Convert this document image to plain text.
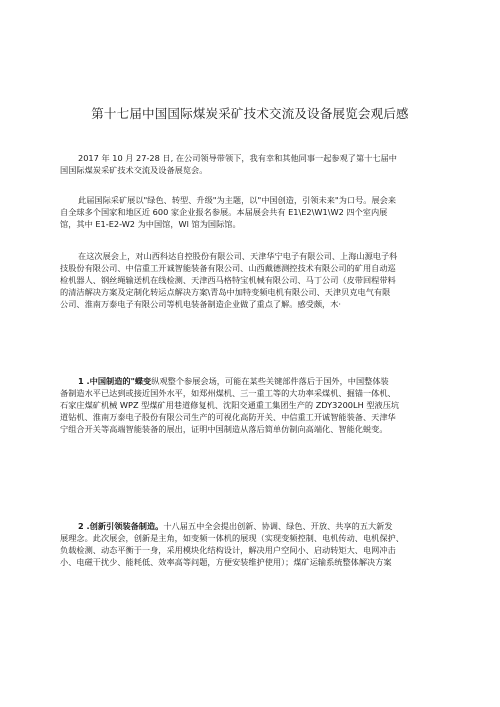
第十七届中国国际煤炭采矿技术交流及设备展览会观后感
2017 年 10 月 27-28 日, 在公司领导带领下，我有幸和其他同事一起参观了第十七届中
国国际煤炭采矿技术交流及设备展览会。
此届国际采矿展以"绿色、转型、升级"为主题，以"中国创造，引领未来"为口号。展会来
自全球多个国家和地区近 600 家企业报名参展。本届展会共有 E1\E2\W1\W2 四个室内展
馆，其中 E1-E2-W2 为中国馆，Wl 馆为国际馆。
在这次展会上，对山西科达自控股份有限公司、天津华宁电子有限公司、上海山源电子科
技股份有限公司、中信重工开诚智能装备有限公司、山西戴德测控技术有限公司的矿用自动巡
检机器人、钢丝绳输送机在线检测、天津西马格特宝机械有限公司、马丁公司（皮带回程带料
的清洁解决方案及定制化转运点解决方案\青岛中加特变频电机有限公司、天津贝克电气有限
公司、淮南万泰电子有限公司等机电装备制造企业做了重点了解。感受颇，木·
1 .中国制造的"蝶变纵观整个参展会场，可能在某些关键部件落后于国外，中国整体装
备制造水平已达到或接近国外水平，如郑州煤机、三一重工等的大功率采煤机、掘锚一体机、
石家庄煤矿机械 WPZ 型煤矿用巷道修复机、沈阳交通重工集团生产的 ZDY3200LH 型液压坑
道钻机、淮南万泰电子股份有限公司生产的可视化高防开关、中信重工开诚智能装备、天津华
宁组合开关等高端智能装备的展出，证明中国制造从落后简单仿制向高端化、智能化蜕变。
2 .创新引领装备制造。十八届五中全会提出创新、协调、绿色、开放、共享的五大新发
展理念。此次展会，创新是主角，如变频一体机的展现（实现变频控制、电机传动、电机保护、
负载检测、动态平衡于一身，采用模块化结构设计，解决用户空间小、启动转矩大、电网冲击
小、电磁干扰少、能耗低、效率高等问题，方便安装维护使用）；煤矿运输系统整体解决方案
